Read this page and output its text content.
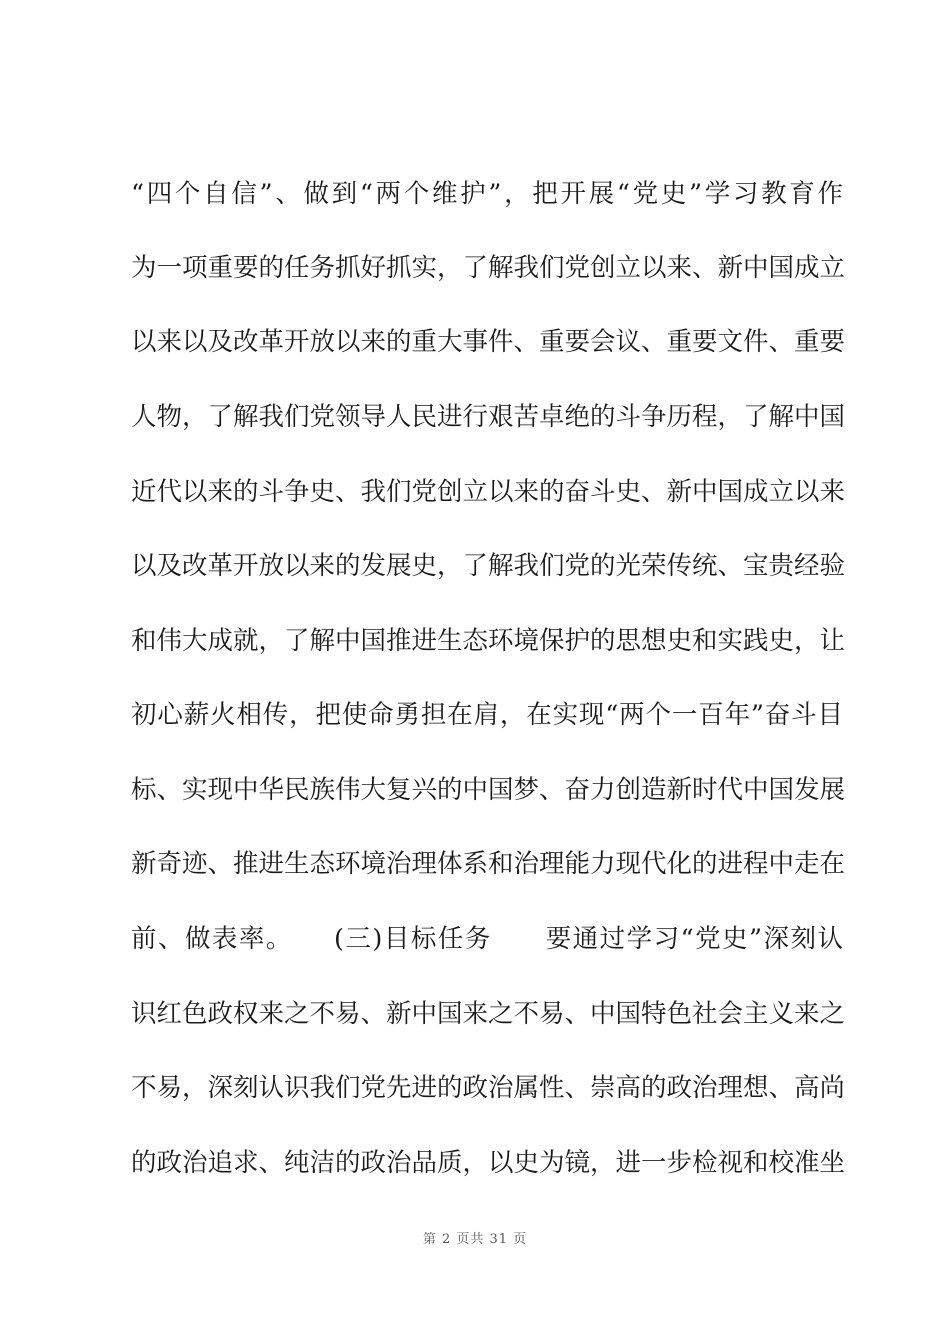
“四个自信”、做到“两个维护”，把开展“党史”学习教育作
为一项重要的任务抓好抓实，了解我们党创立以来、新中国成立
以来以及改革开放以来的重大事件、重要会议、重要文件、重要
人物，了解我们党领导人民进行艰苦卓绝的斗争历程，了解中国
近代以来的斗争史、我们党创立以来的奋斗史、新中国成立以来
以及改革开放以来的发展史，了解我们党的光荣传统、宝贵经验
和伟大成就，了解中国推进生态环境保护的思想史和实践史，让
初心薪火相传，把使命勇担在肩，在实现“两个一百年”奋斗目
标、实现中华民族伟大复兴的中国梦、奋力创造新时代中国发展
新奇迹、推进生态环境治理体系和治理能力现代化的进程中走在
前、做表率。　　(三)目标任务　　要通过学习“党史”深刻认
识红色政权来之不易、新中国来之不易、中国特色社会主义来之
不易，深刻认识我们党先进的政治属性、崇高的政治理想、高尚
的政治追求、纯洁的政治品质，以史为镜，进一步检视和校准坐
第 2 页共 31 页
